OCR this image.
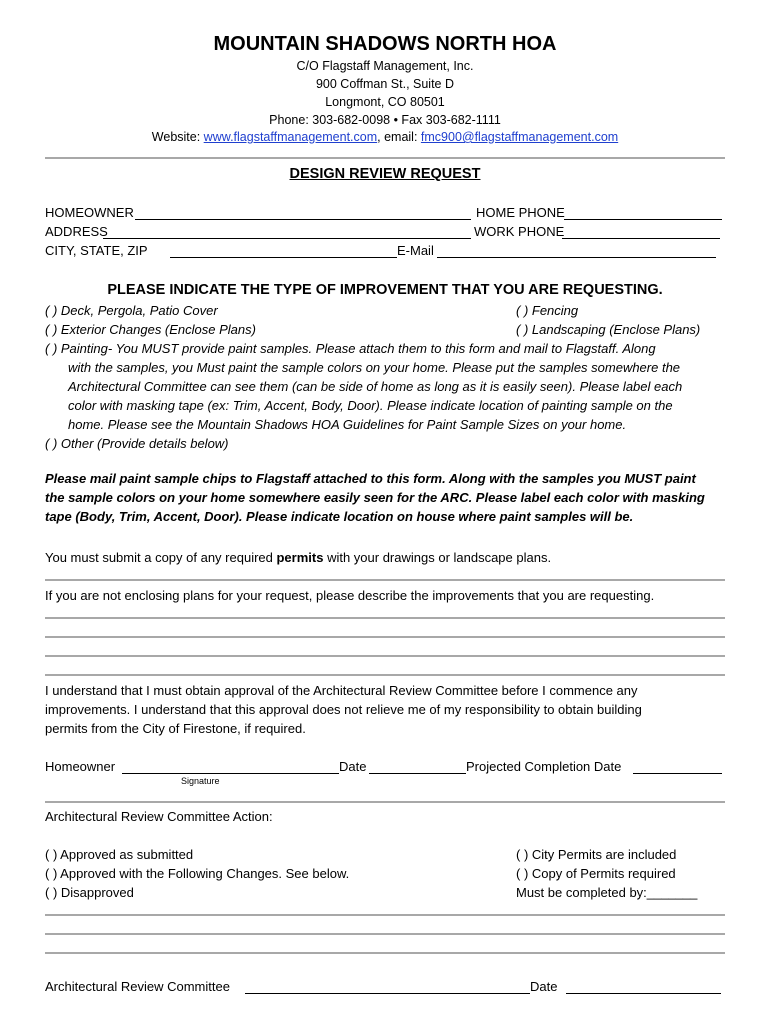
MOUNTAIN SHADOWS NORTH HOA
C/O Flagstaff Management, Inc.
900 Coffman St., Suite D
Longmont, CO 80501
Phone: 303-682-0098 • Fax 303-682-1111
Website: www.flagstaffmanagement.com, email: fmc900@flagstaffmanagement.com
DESIGN REVIEW REQUEST
HOMEOWNER	HOME PHONE
ADDRESS	WORK PHONE
CITY, STATE, ZIP	E-Mail
PLEASE INDICATE THE TYPE OF IMPROVEMENT THAT YOU ARE REQUESTING.
( ) Deck, Pergola, Patio Cover	( ) Fencing
( ) Exterior Changes (Enclose Plans)	( ) Landscaping (Enclose Plans)
( ) Painting- You MUST provide paint samples. Please attach them to this form and mail to Flagstaff. Along
with the samples, you Must paint the sample colors on your home. Please put the samples somewhere the
Architectural Committee can see them (can be side of home as long as it is easily seen). Please label each
color with masking tape (ex: Trim, Accent, Body, Door). Please indicate location of painting sample on the
home. Please see the Mountain Shadows HOA Guidelines for Paint Sample Sizes on your home.
( ) Other (Provide details below)
Please mail paint sample chips to Flagstaff attached to this form. Along with the samples you MUST paint
the sample colors on your home somewhere easily seen for the ARC. Please label each color with masking
tape (Body, Trim, Accent, Door). Please indicate location on house where paint samples will be.
You must submit a copy of any required permits with your drawings or landscape plans.
If you are not enclosing plans for your request, please describe the improvements that you are requesting.
I understand that I must obtain approval of the Architectural Review Committee before I commence any
improvements. I understand that this approval does not relieve me of my responsibility to obtain building
permits from the City of Firestone, if required.
Homeowner	Date	Projected Completion Date
Signature
Architectural Review Committee Action:
( ) Approved as submitted	( ) City Permits are included
( ) Approved with the Following Changes. See below.	( ) Copy of Permits required
( ) Disapproved	Must be completed by:_______
Architectural Review Committee	Date
